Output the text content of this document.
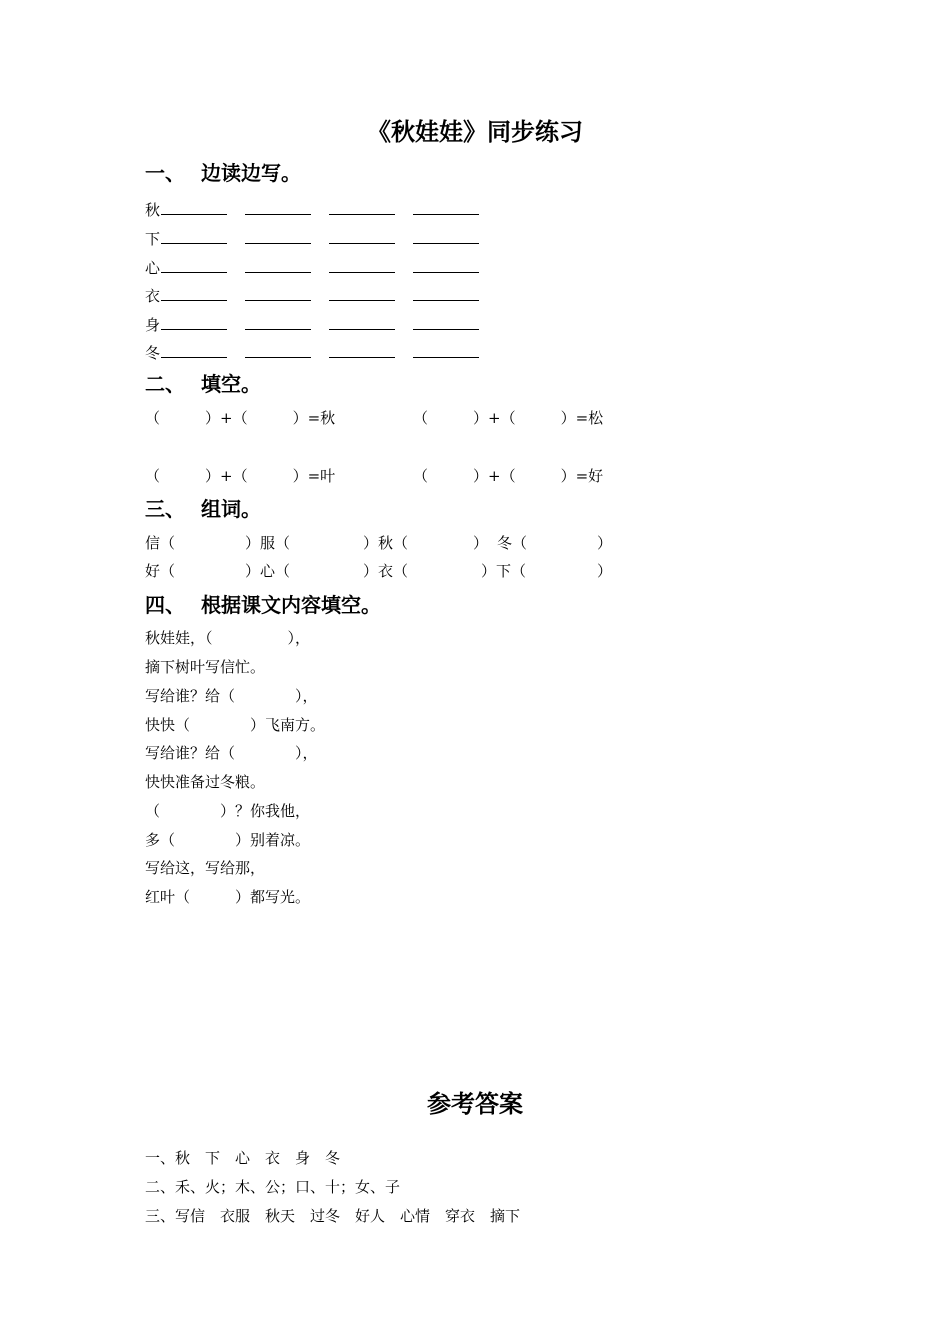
《秋娃娃》同步练习
一、 边读边写。
秋
下
心
衣
身
冬
二、 填空。
（　　　）+（　　　）=秋	（　　　）+（　　　）=松
（　　　）+（　　　）=叶	（　　　）+（　　　）=好
三、 组词。
信（	）服（	）秋（	） 冬（	）
好（	）心（	）衣（	）下（	）
四、 根据课文内容填空。
秋娃娃，（　　　　　），
摘下树叶写信忙。
写给谁？给（　　　　），
快快（　　　　）飞南方。
写给谁？给（　　　　），
快快准备过冬粮。
（　　　　）？你我他，
多（　　　　）别着凉。
写给这，写给那，
红叶（　　　）都写光。
参考答案
一、秋　下　心　衣　身　冬
二、禾、火；木、公；口、十；女、子
三、写信　衣服　秋天　过冬　好人　心情　穿衣　摘下
